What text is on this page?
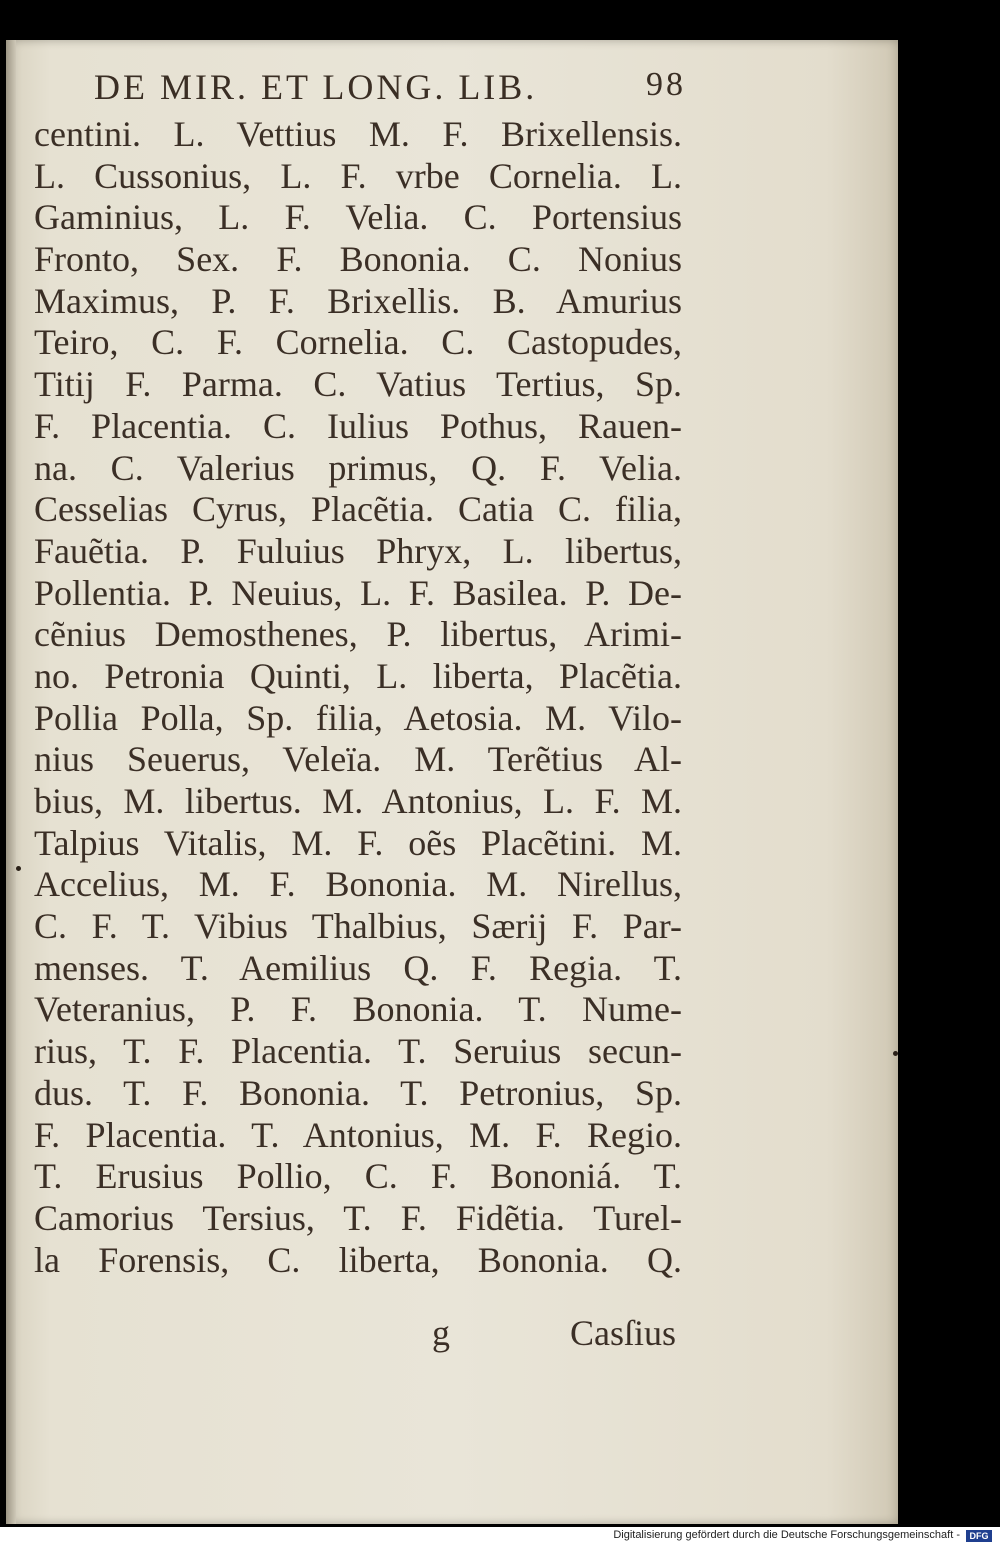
DE MIR. ET LONG. LIB.	98
centini. L. Vettius M. F. Brixellensis.
L. Cussonius, L. F. vrbe Cornelia. L.
Gaminius, L. F. Velia. C. Portensius
Fronto, Sex. F. Bononia. C. Nonius
Maximus, P. F. Brixellis. B. Amurius
Teiro, C. F. Cornelia. C. Castopudes,
Titij F. Parma. C. Vatius Tertius, Sp.
F. Placentia. C. Iulius Pothus, Rauen-
na. C. Valerius primus, Q. F. Velia.
Cesselias Cyrus, Placẽtia. Catia C. filia,
Fauẽtia. P. Fuluius Phryx, L. libertus,
Pollentia. P. Neuius, L. F. Basilea. P. De-
cẽnius Demosthenes, P. libertus, Arimi-
no. Petronia Quinti, L. liberta, Placẽtia.
Pollia Polla, Sp. filia, Aetosia. M. Vilo-
nius Seuerus, Veleïa. M. Terẽtius Al-
bius, M. libertus. M. Antonius, L. F. M.
Talpius Vitalis, M. F. oẽs Placẽtini. M.
Accelius, M. F. Bononia. M. Nirellus,
C. F. T. Vibius Thalbius, Særij F. Par-
menses. T. Aemilius Q. F. Regia. T.
Veteranius, P. F. Bononia. T. Nume-
rius, T. F. Placentia. T. Seruius secun-
dus. T. F. Bononia. T. Petronius, Sp.
F. Placentia. T. Antonius, M. F. Regio.
T. Erusius Pollio, C. F. Bononiá. T.
Camorius Tersius, T. F. Fidẽtia. Turel-
la Forensis, C. liberta, Bononia. Q.
g	Casſius
Digitalisierung gefördert durch die Deutsche Forschungsgemeinschaft -	DFG
